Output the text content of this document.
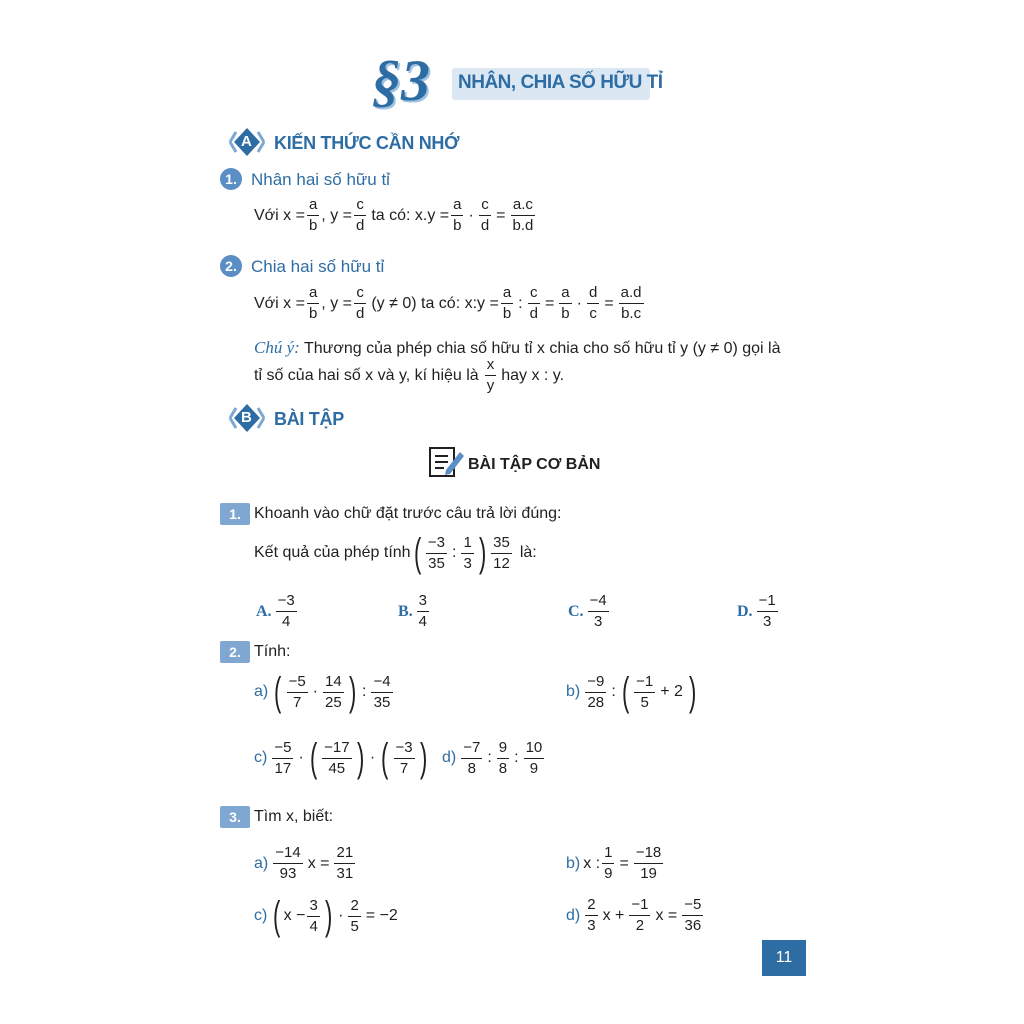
§3 NHÂN, CHIA SỐ HỮU TỈ
A KIẾN THỨC CẦN NHỚ
1. Nhân hai số hữu tỉ
Với $x = \frac{a}{b}$ , $y = \frac{c}{d}$ ta có: $x.y = \frac{a}{b} \cdot \frac{c}{d} = \frac{a.c}{b.d}$
2. Chia hai số hữu tỉ
Với $x = \frac{a}{b}$ , $y = \frac{c}{d} (y \ne 0)$ ta có: x:y = $\frac{a}{b}$ : $\frac{c}{d} = \frac{a}{b} \cdot \frac{d}{c} = \frac{a.d}{b.c}$
Chú ý: Thương của phép chia số hữu tỉ x chia cho số hữu tỉ y (y ≠ 0) gọi là
tỉ số của hai số x và y, kí hiệu là $\frac{x}{y}$ hay x : y.
B BÀI TẬP
BÀI TẬP CƠ BẢN
1. Khoanh vào chữ đặt trước câu trả lời đúng:
Kết quả của phép tính ( $\frac{-3}{35}$ : $\frac{1}{3}$ ) $\frac{35}{12}$ là:
A. $\frac{-3}{4}$	B. $\frac{3}{4}$	C. $\frac{-4}{3}$	D. $\frac{-1}{3}$
2. Tính:
a) ( $\frac{-5}{7} \cdot \frac{14}{25}$ ) : $\frac{-4}{35}$	$b) \frac{-9}{28}$ : ( $\frac{-1}{5} + 2$ )
$c) \frac{-5}{17}$ · ( $\frac{-17}{45}$ ) · ( $\frac{-3}{7}$ ) $d) \frac{-7}{8}$ : $\frac{9}{8}$ : $\frac{10}{9}$
3. Tìm x, biết:
$a) \frac{-14}{93}$ $x = \frac{21}{31}$	b) x : $\frac{1}{9} = \frac{-18}{19}$
c) ( $x - \frac{3}{4}$ ) · $\frac{2}{5} = -2$	$d) \frac{2}{3}$ $x + \frac{-1}{2}$ $x = \frac{-5}{36}$
11
